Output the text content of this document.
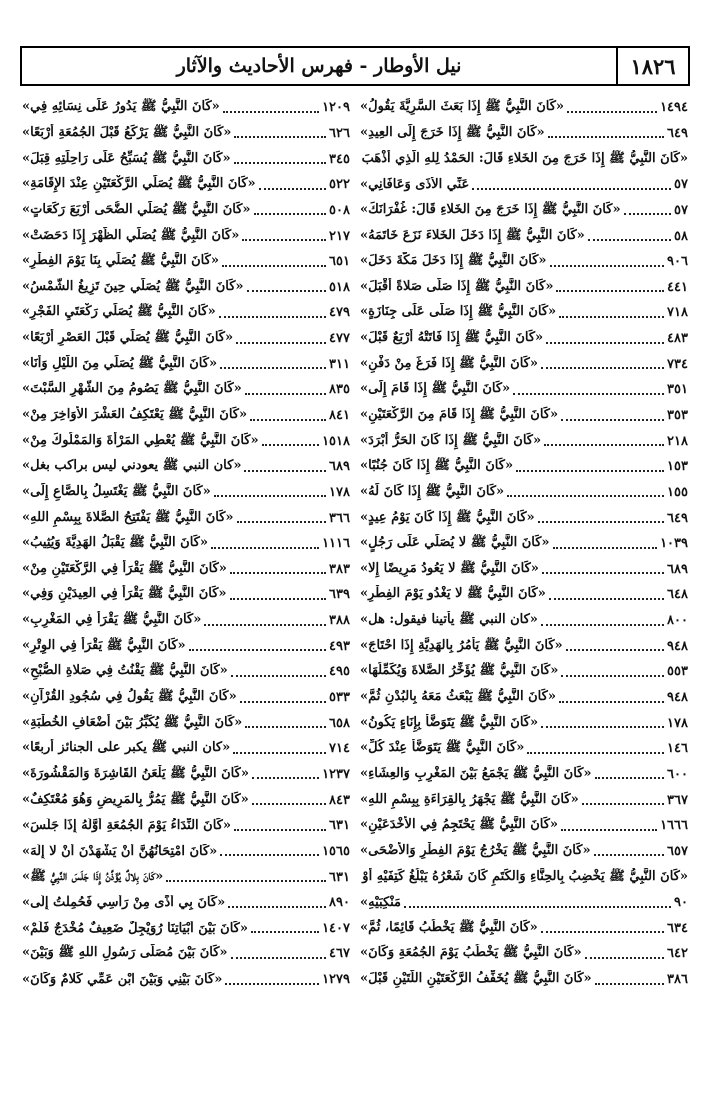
١٨٢٦
نيل الأوطار - فهرس الأحاديث والآثار
«كَانَ النَّبِيُّ ﷺ إِذَا بَعَثَ السَّرِيَّةَ يَقُولُ»	١٤٩٤
«كَانَ النَّبِيُّ ﷺ إِذَا خَرَجَ إِلَى العِيدِ»	٦٤٩
«كَانَ النَّبِيُّ ﷺ إِذَا خَرَجَ مِنَ الخَلاءِ قَالَ: الحَمْدُ لِلهِ الَّذِي أَذْهَبَ
عَنِّي الأَذَى وَعَافَانِي»	٥٧
«كَانَ النَّبِيُّ ﷺ إِذَا خَرَجَ مِنَ الخَلاءِ قَالَ: غُفْرَانَكَ»	٥٧
«كَانَ النَّبِيُّ ﷺ إِذَا دَخَلَ الخَلاءَ نَزَعَ خَاتَمَهُ»	٥٨
«كَانَ النَّبِيُّ ﷺ إِذَا دَخَلَ مَكَّةَ دَخَلَ»	٩٠٦
«كَانَ النَّبِيُّ ﷺ إِذَا صَلَّى صَلاةً أَقْبَلَ»	٤٤١
«كَانَ النَّبِيُّ ﷺ إِذَا صَلَّى عَلَى جِنَازَةٍ»	٧١٨
«كَانَ النَّبِيُّ ﷺ إِذَا فَاتَتْهُ أَرْبَعٌ قَبْلَ»	٤٨٣
«كَانَ النَّبِيُّ ﷺ إِذَا فَرَغَ مِنْ دَفْنِ»	٧٣٤
«كَانَ النَّبِيُّ ﷺ إِذَا قَامَ إِلَى»	٣٥١
«كَانَ النَّبِيُّ ﷺ إِذَا قَامَ مِنَ الرَّكْعَتَيْنِ»	٣٥٣
«كَانَ النَّبِيُّ ﷺ إِذَا كَانَ الحَرُّ أَبْرَدَ»	٢١٨
«كَانَ النَّبِيُّ ﷺ إِذَا كَانَ جُنُبًا»	١٥٣
«كَانَ النَّبِيُّ ﷺ إِذَا كَانَ لَهُ»	١٥٥
«كَانَ النَّبِيُّ ﷺ إِذَا كَانَ يَوْمُ عِيدٍ»	٦٤٩
«كَانَ النَّبِيُّ ﷺ لا يُصَلِّي عَلَى رَجُلٍ»	١٠٣٩
«كَانَ النَّبِيُّ ﷺ لا يَعُودُ مَرِيضًا إِلا»	٦٨٩
«كَانَ النَّبِيُّ ﷺ لا يَغْدُو يَوْمَ الفِطْرِ»	٦٤٨
«كان النبي ﷺ يأتينا فيقول: هل»	٨٠٠
«كَانَ النَّبِيُّ ﷺ يَأْمُرُ بِالهَدِيَّةِ إِذَا احْتَاجَ»	٩٤٨
«كَانَ النَّبِيُّ ﷺ يُؤَخِّرُ الصَّلاةَ وَيُكَمِّلُهَا»	٥٥٣
«كَانَ النَّبِيُّ ﷺ يَبْعَثُ مَعَهُ بِالبُدْنِ ثُمَّ»	٩٤٨
«كَانَ النَّبِيُّ ﷺ يَتَوَضَّأُ بِإِنَاءٍ يَكُونُ»	١٧٨
«كَانَ النَّبِيُّ ﷺ يَتَوَضَّأُ عِنْدَ كُلِّ»	١٤٦
«كَانَ النَّبِيُّ ﷺ يَجْمَعُ بَيْنَ المَغْرِبِ وَالعِشَاءِ»	٦٠٠
«كَانَ النَّبِيُّ ﷺ يَجْهَرُ بِالقِرَاءَةِ بِبِسْمِ اللهِ»	٣٦٧
«كَانَ النَّبِيُّ ﷺ يَحْتَجِمُ فِي الأَخْدَعَيْنِ»	١٦٦٦
«كَانَ النَّبِيُّ ﷺ يَخْرُجُ يَوْمَ الفِطْرِ وَالأَضْحَى»	٦٥٧
«كَانَ النَّبِيُّ ﷺ يَخْضِبُ بِالحِنَّاءِ وَالكَتَمِ كَانَ شَعْرُهُ يَبْلُغُ كَتِفَيْهِ أَوْ
مَنْكِبَيْهِ»	٩٠
«كَانَ النَّبِيُّ ﷺ يَخْطُبُ قَائِمًا، ثُمَّ»	٦٣٤
«كَانَ النَّبِيُّ ﷺ يَخْطُبُ يَوْمَ الجُمُعَةِ وَكَانَ»	٦٤٢
«كَانَ النَّبِيُّ ﷺ يُخَفِّفُ الرَّكْعَتَيْنِ اللَّتَيْنِ قَبْلَ»	٣٨٦
«كَانَ النَّبِيُّ ﷺ يَدُورُ عَلَى نِسَائِهِ فِي»	١٢٠٩
«كَانَ النَّبِيُّ ﷺ يَرْكَعُ قَبْلَ الجُمُعَةِ أَرْبَعًا»	٦٢٦
«كَانَ النَّبِيُّ ﷺ يُسَبِّحُ عَلَى رَاحِلَتِهِ قِبَلَ»	٣٤٥
«كَانَ النَّبِيُّ ﷺ يُصَلِّي الرَّكْعَتَيْنِ عِنْدَ الإِقَامَةِ»	٥٢٢
«كَانَ النَّبِيُّ ﷺ يُصَلِّي الضُّحَى أَرْبَعَ رَكَعَاتٍ»	٥٠٨
«كَانَ النَّبِيُّ ﷺ يُصَلِّي الظُّهْرَ إِذَا دَحَضَتْ»	٢١٧
«كَانَ النَّبِيُّ ﷺ يُصَلِّي بِنَا يَوْمَ الفِطْرِ»	٦٥١
«كَانَ النَّبِيُّ ﷺ يُصَلِّي حِينَ تَزِيغُ الشَّمْسُ»	٥١٨
«كَانَ النَّبِيُّ ﷺ يُصَلِّي رَكْعَتَيِ الفَجْرِ»	٤٧٩
«كَانَ النَّبِيُّ ﷺ يُصَلِّي قَبْلَ العَصْرِ أَرْبَعًا»	٤٧٧
«كَانَ النَّبِيُّ ﷺ يُصَلِّي مِنَ اللَّيْلِ وَأَنَا»	٣١١
«كَانَ النَّبِيُّ ﷺ يَصُومُ مِنَ الشَّهْرِ السَّبْتَ»	٨٣٥
«كَانَ النَّبِيُّ ﷺ يَعْتَكِفُ العَشْرَ الأَوَاخِرَ مِنْ»	٨٤١
«كَانَ النَّبِيُّ ﷺ يُعْطِي المَرْأَةَ وَالمَمْلُوكَ مِنْ»	١٥١٨
«كان النبي ﷺ يعودني ليس براكب بغل»	٦٨٩
«كَانَ النَّبِيُّ ﷺ يَغْتَسِلُ بِالصَّاعِ إِلَى»	١٧٨
«كَانَ النَّبِيُّ ﷺ يَفْتَتِحُ الصَّلاةَ بِبِسْمِ اللهِ»	٣٦٦
«كَانَ النَّبِيُّ ﷺ يَقْبَلُ الهَدِيَّةَ وَيُثِيبُ»	١١١٦
«كَانَ النَّبِيُّ ﷺ يَقْرَأُ فِي الرَّكْعَتَيْنِ مِنْ»	٣٨٣
«كَانَ النَّبِيُّ ﷺ يَقْرَأُ فِي العِيدَيْنِ وَفِي»	٦٣٩
«كَانَ النَّبِيُّ ﷺ يَقْرَأُ فِي المَغْرِبِ»	٣٨٨
«كَانَ النَّبِيُّ ﷺ يَقْرَأُ فِي الوِتْرِ»	٤٩٣
«كَانَ النَّبِيُّ ﷺ يَقْنُتُ فِي صَلاةِ الصُّبْحِ»	٤٩٥
«كَانَ النَّبِيُّ ﷺ يَقُولُ فِي سُجُودِ القُرْآنِ»	٥٣٣
«كَانَ النَّبِيُّ ﷺ يُكَبِّرُ بَيْنَ أَضْعَافِ الخُطْبَةِ»	٦٥٨
«كان النبي ﷺ يكبر على الجنائز أربعًا»	٧١٤
«كَانَ النَّبِيُّ ﷺ يَلْعَنُ القَاشِرَةَ وَالمَقْشُورَةَ»	١٢٣٧
«كَانَ النَّبِيُّ ﷺ يَمُرُّ بِالمَرِيضِ وَهُوَ مُعْتَكِفٌ»	٨٤٣
«كَانَ النِّدَاءُ يَوْمَ الجُمُعَةِ أَوَّلُهُ إِذَا جَلَسَ»	٦٣١
«كَانَ امْتِحَانُهُنَّ أَنْ يَشْهَدْنَ أَنْ لا إِلَهَ»	١٥٦٥
«كَانَ بِلالٌ يُؤَذِّنُ إِذَا جَلَسَ النَّبِيُّ ﷺ»	٦٣١
«كَانَ بِي أَذًى مِنْ رَأْسِي فَحُمِلْتُ إِلَى»	٨٩٠
«كَانَ بَيْنَ أَبْيَاتِنَا رُوَيْجِلٌ ضَعِيفٌ مُخْدَجٌ فَلَمْ»	١٤٠٧
«كَانَ بَيْنَ مُصَلَّى رَسُولِ اللهِ ﷺ وَبَيْنَ»	٤٦٧
«كَانَ بَيْنِي وَبَيْنَ ابْنِ عَمِّي كَلامٌ وَكَانَ»	١٢٧٩
